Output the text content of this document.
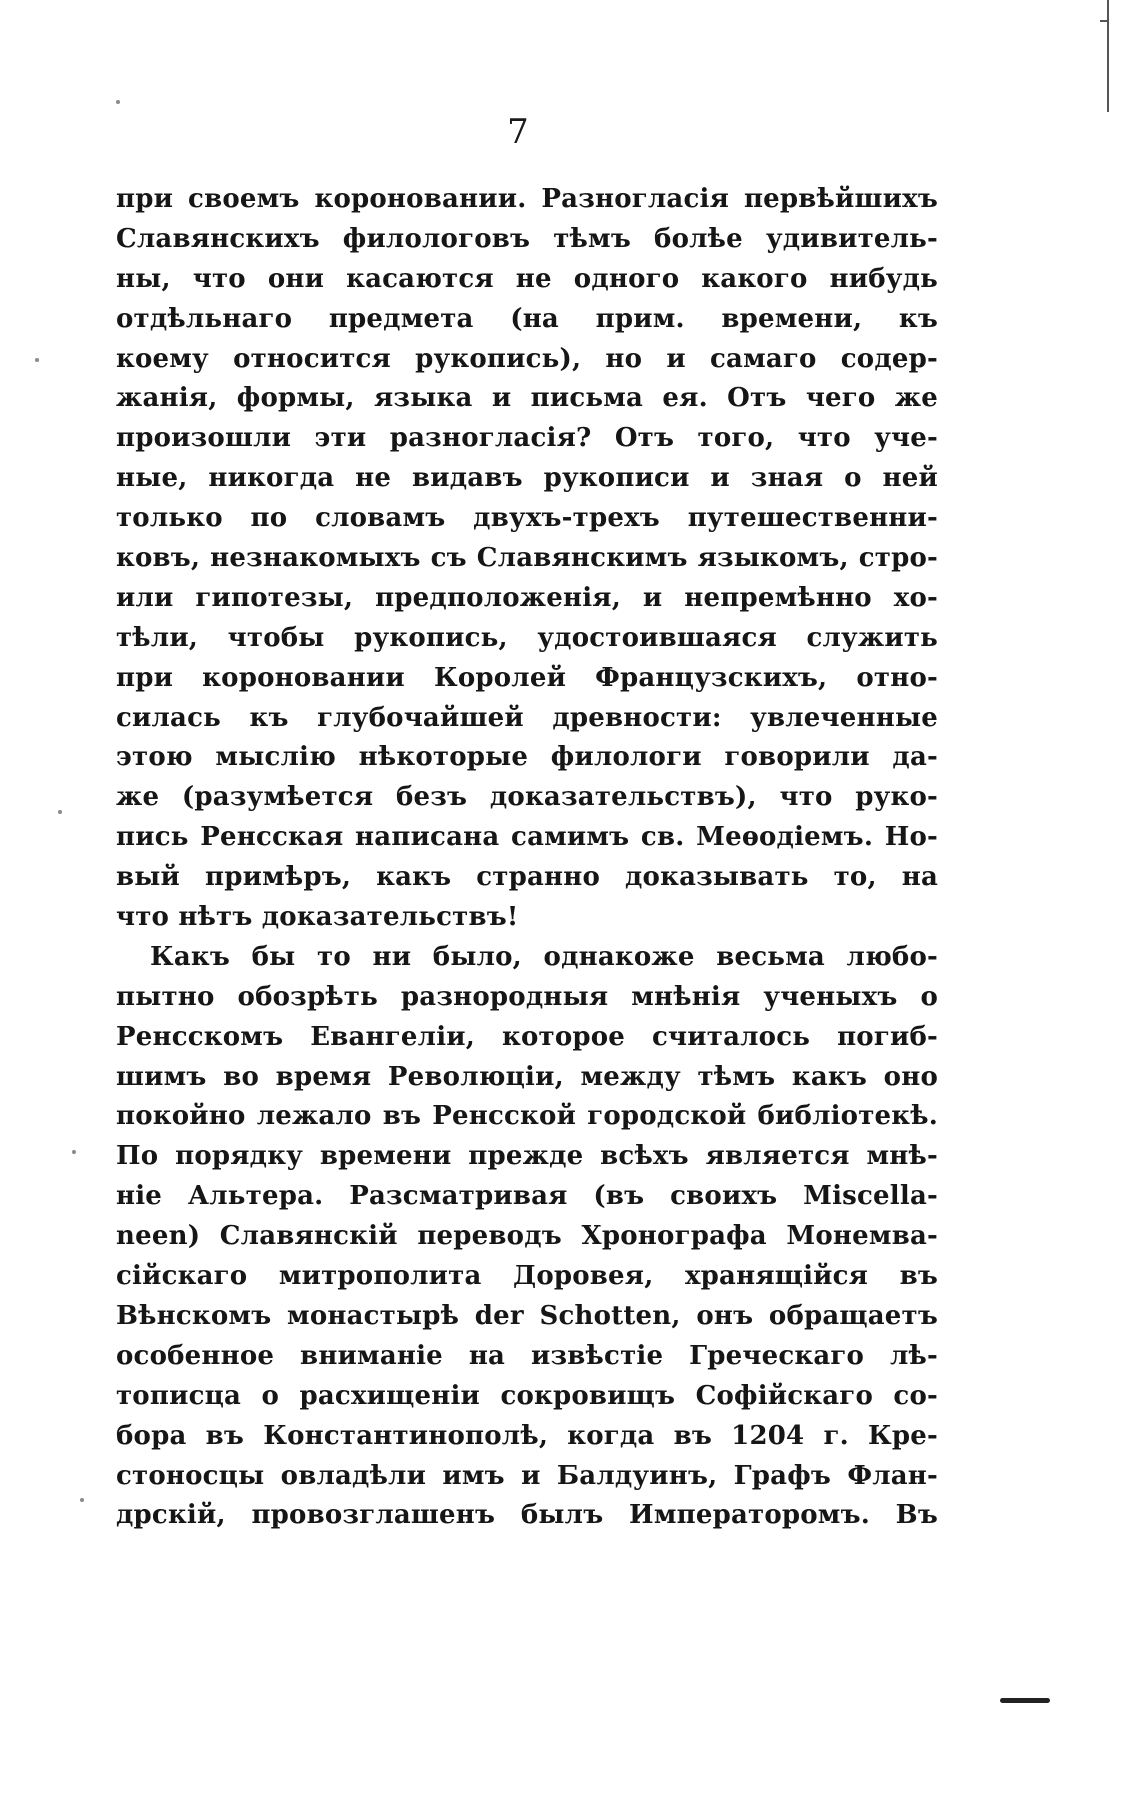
7
при своемъ короновании. Разногласія первѣйшихъ
Славянскихъ филологовъ тѣмъ болѣе удивитель-
ны, что они касаются не одного какого нибудь
отдѣльнаго предмета (на прим. времени, къ
коему относится рукопись), но и самаго содер-
жанія, формы, языка и письма ея. Отъ чего же
произошли эти разногласія? Отъ того, что уче-
ные, никогда не видавъ рукописи и зная о ней
только по словамъ двухъ-трехъ путешественни-
ковъ, незнакомыхъ съ Славянскимъ языкомъ, стро-
или гипотезы, предположенія, и непремѣнно хо-
тѣли, чтобы рукопись, удостоившаяся служить
при короновании Королей Французскихъ, отно-
силась къ глубочайшей древности: увлеченные
этою мыслію нѣкоторые филологи говорили да-
же (разумѣется безъ доказательствъ), что руко-
пись Ренсская написана самимъ св. Меѳодіемъ. Но-
вый примѣръ, какъ странно доказывать то, на
что нѣтъ доказательствъ!
Какъ бы то ни было, однакоже весьма любо-
пытно обозрѣть разнородныя мнѣнія ученыхъ о
Ренсскомъ Евангеліи, которое считалось погиб-
шимъ во время Революціи, между тѣмъ какъ оно
покойно лежало въ Ренсской городской библіотекѣ.
По порядку времени прежде всѣхъ является мнѣ-
ніе Альтера. Разсматривая (въ своихъ Miscella-
neen) Славянскій переводъ Хронографа Монемва-
сійскаго митрополита Доровея, хранящійся въ
Вѣнскомъ монастырѣ der Schotten, онъ обращаетъ
особенное вниманіе на извѣстіе Греческаго лѣ-
тописца о расхищеніи сокровищъ Софійскаго со-
бора въ Константинополѣ, когда въ 1204 г. Кре-
стоносцы овладѣли имъ и Балдуинъ, Графъ Флан-
дрскій, провозглашенъ былъ Императоромъ. Въ
